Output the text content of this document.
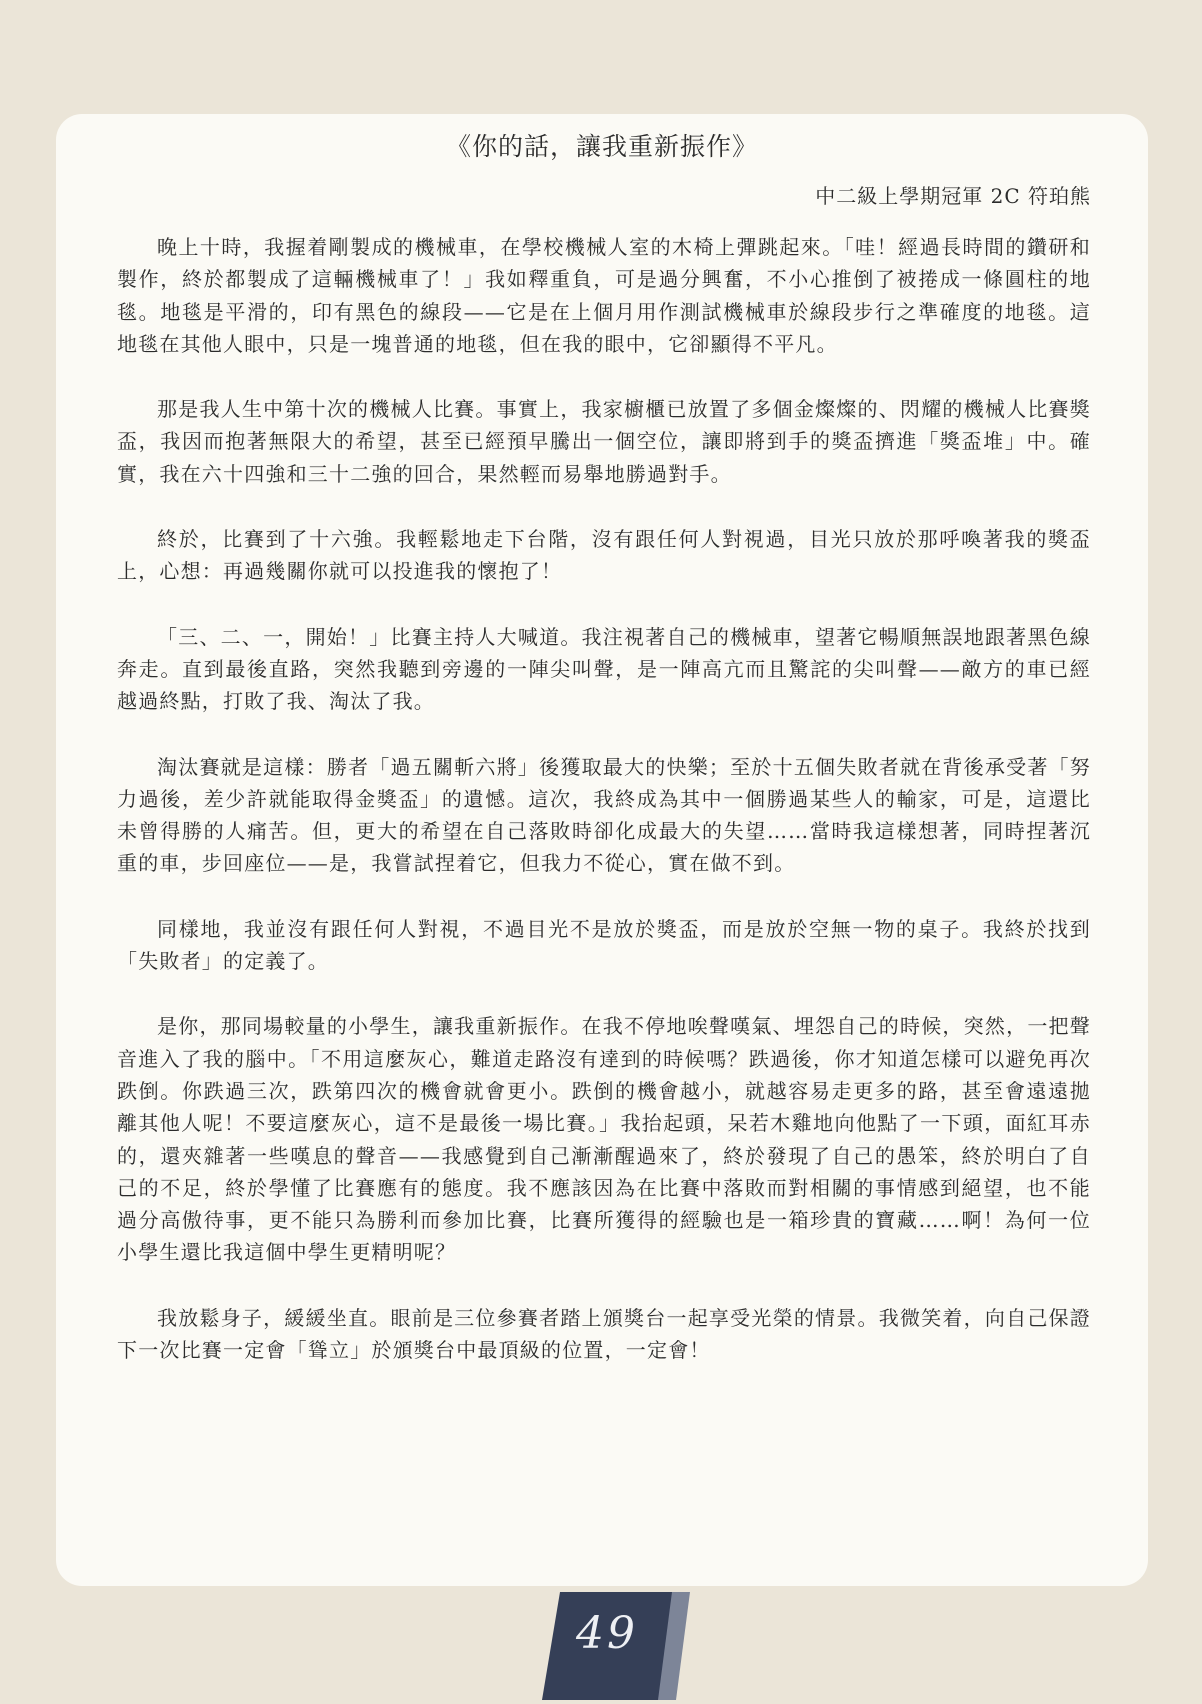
《你的話，讓我重新振作》
中二級上學期冠軍 2C 符珀熊

晚上十時，我握着剛製成的機械車，在學校機械人室的木椅上彈跳起來。「哇！經過長時間的鑽研和製作，終於都製成了這輛機械車了！」我如釋重負，可是過分興奮，不小心推倒了被捲成一條圓柱的地毯。地毯是平滑的，印有黑色的線段——它是在上個月用作測試機械車於線段步行之準確度的地毯。這地毯在其他人眼中，只是一塊普通的地毯，但在我的眼中，它卻顯得不平凡。

那是我人生中第十次的機械人比賽。事實上，我家櫥櫃已放置了多個金燦燦的、閃耀的機械人比賽獎盃，我因而抱著無限大的希望，甚至已經預早騰出一個空位，讓即將到手的獎盃擠進「獎盃堆」中。確實，我在六十四強和三十二強的回合，果然輕而易舉地勝過對手。

終於，比賽到了十六強。我輕鬆地走下台階，沒有跟任何人對視過，目光只放於那呼喚著我的獎盃上，心想：再過幾關你就可以投進我的懷抱了！

「三、二、一，開始！」比賽主持人大喊道。我注視著自己的機械車，望著它暢順無誤地跟著黑色線奔走。直到最後直路，突然我聽到旁邊的一陣尖叫聲，是一陣高亢而且驚詫的尖叫聲——敵方的車已經越過終點，打敗了我、淘汰了我。

淘汰賽就是這樣：勝者「過五關斬六將」後獲取最大的快樂；至於十五個失敗者就在背後承受著「努力過後，差少許就能取得金獎盃」的遺憾。這次，我終成為其中一個勝過某些人的輸家，可是，這還比未曾得勝的人痛苦。但，更大的希望在自己落敗時卻化成最大的失望……當時我這樣想著，同時捏著沉重的車，步回座位——是，我嘗試捏着它，但我力不從心，實在做不到。

同樣地，我並沒有跟任何人對視，不過目光不是放於獎盃，而是放於空無一物的桌子。我終於找到「失敗者」的定義了。

是你，那同場較量的小學生，讓我重新振作。在我不停地唉聲嘆氣、埋怨自己的時候，突然，一把聲音進入了我的腦中。「不用這麼灰心，難道走路沒有達到的時候嗎？跌過後，你才知道怎樣可以避免再次跌倒。你跌過三次，跌第四次的機會就會更小。跌倒的機會越小，就越容易走更多的路，甚至會遠遠拋離其他人呢！不要這麼灰心，這不是最後一場比賽。」我抬起頭，呆若木雞地向他點了一下頭，面紅耳赤的，還夾雜著一些嘆息的聲音——我感覺到自己漸漸醒過來了，終於發現了自己的愚笨，終於明白了自己的不足，終於學懂了比賽應有的態度。我不應該因為在比賽中落敗而對相關的事情感到絕望，也不能過分高傲待事，更不能只為勝利而參加比賽，比賽所獲得的經驗也是一箱珍貴的寶藏……啊！為何一位小學生還比我這個中學生更精明呢？

我放鬆身子，緩緩坐直。眼前是三位參賽者踏上頒獎台一起享受光榮的情景。我微笑着，向自己保證下一次比賽一定會「聳立」於頒獎台中最頂級的位置，一定會！

49
